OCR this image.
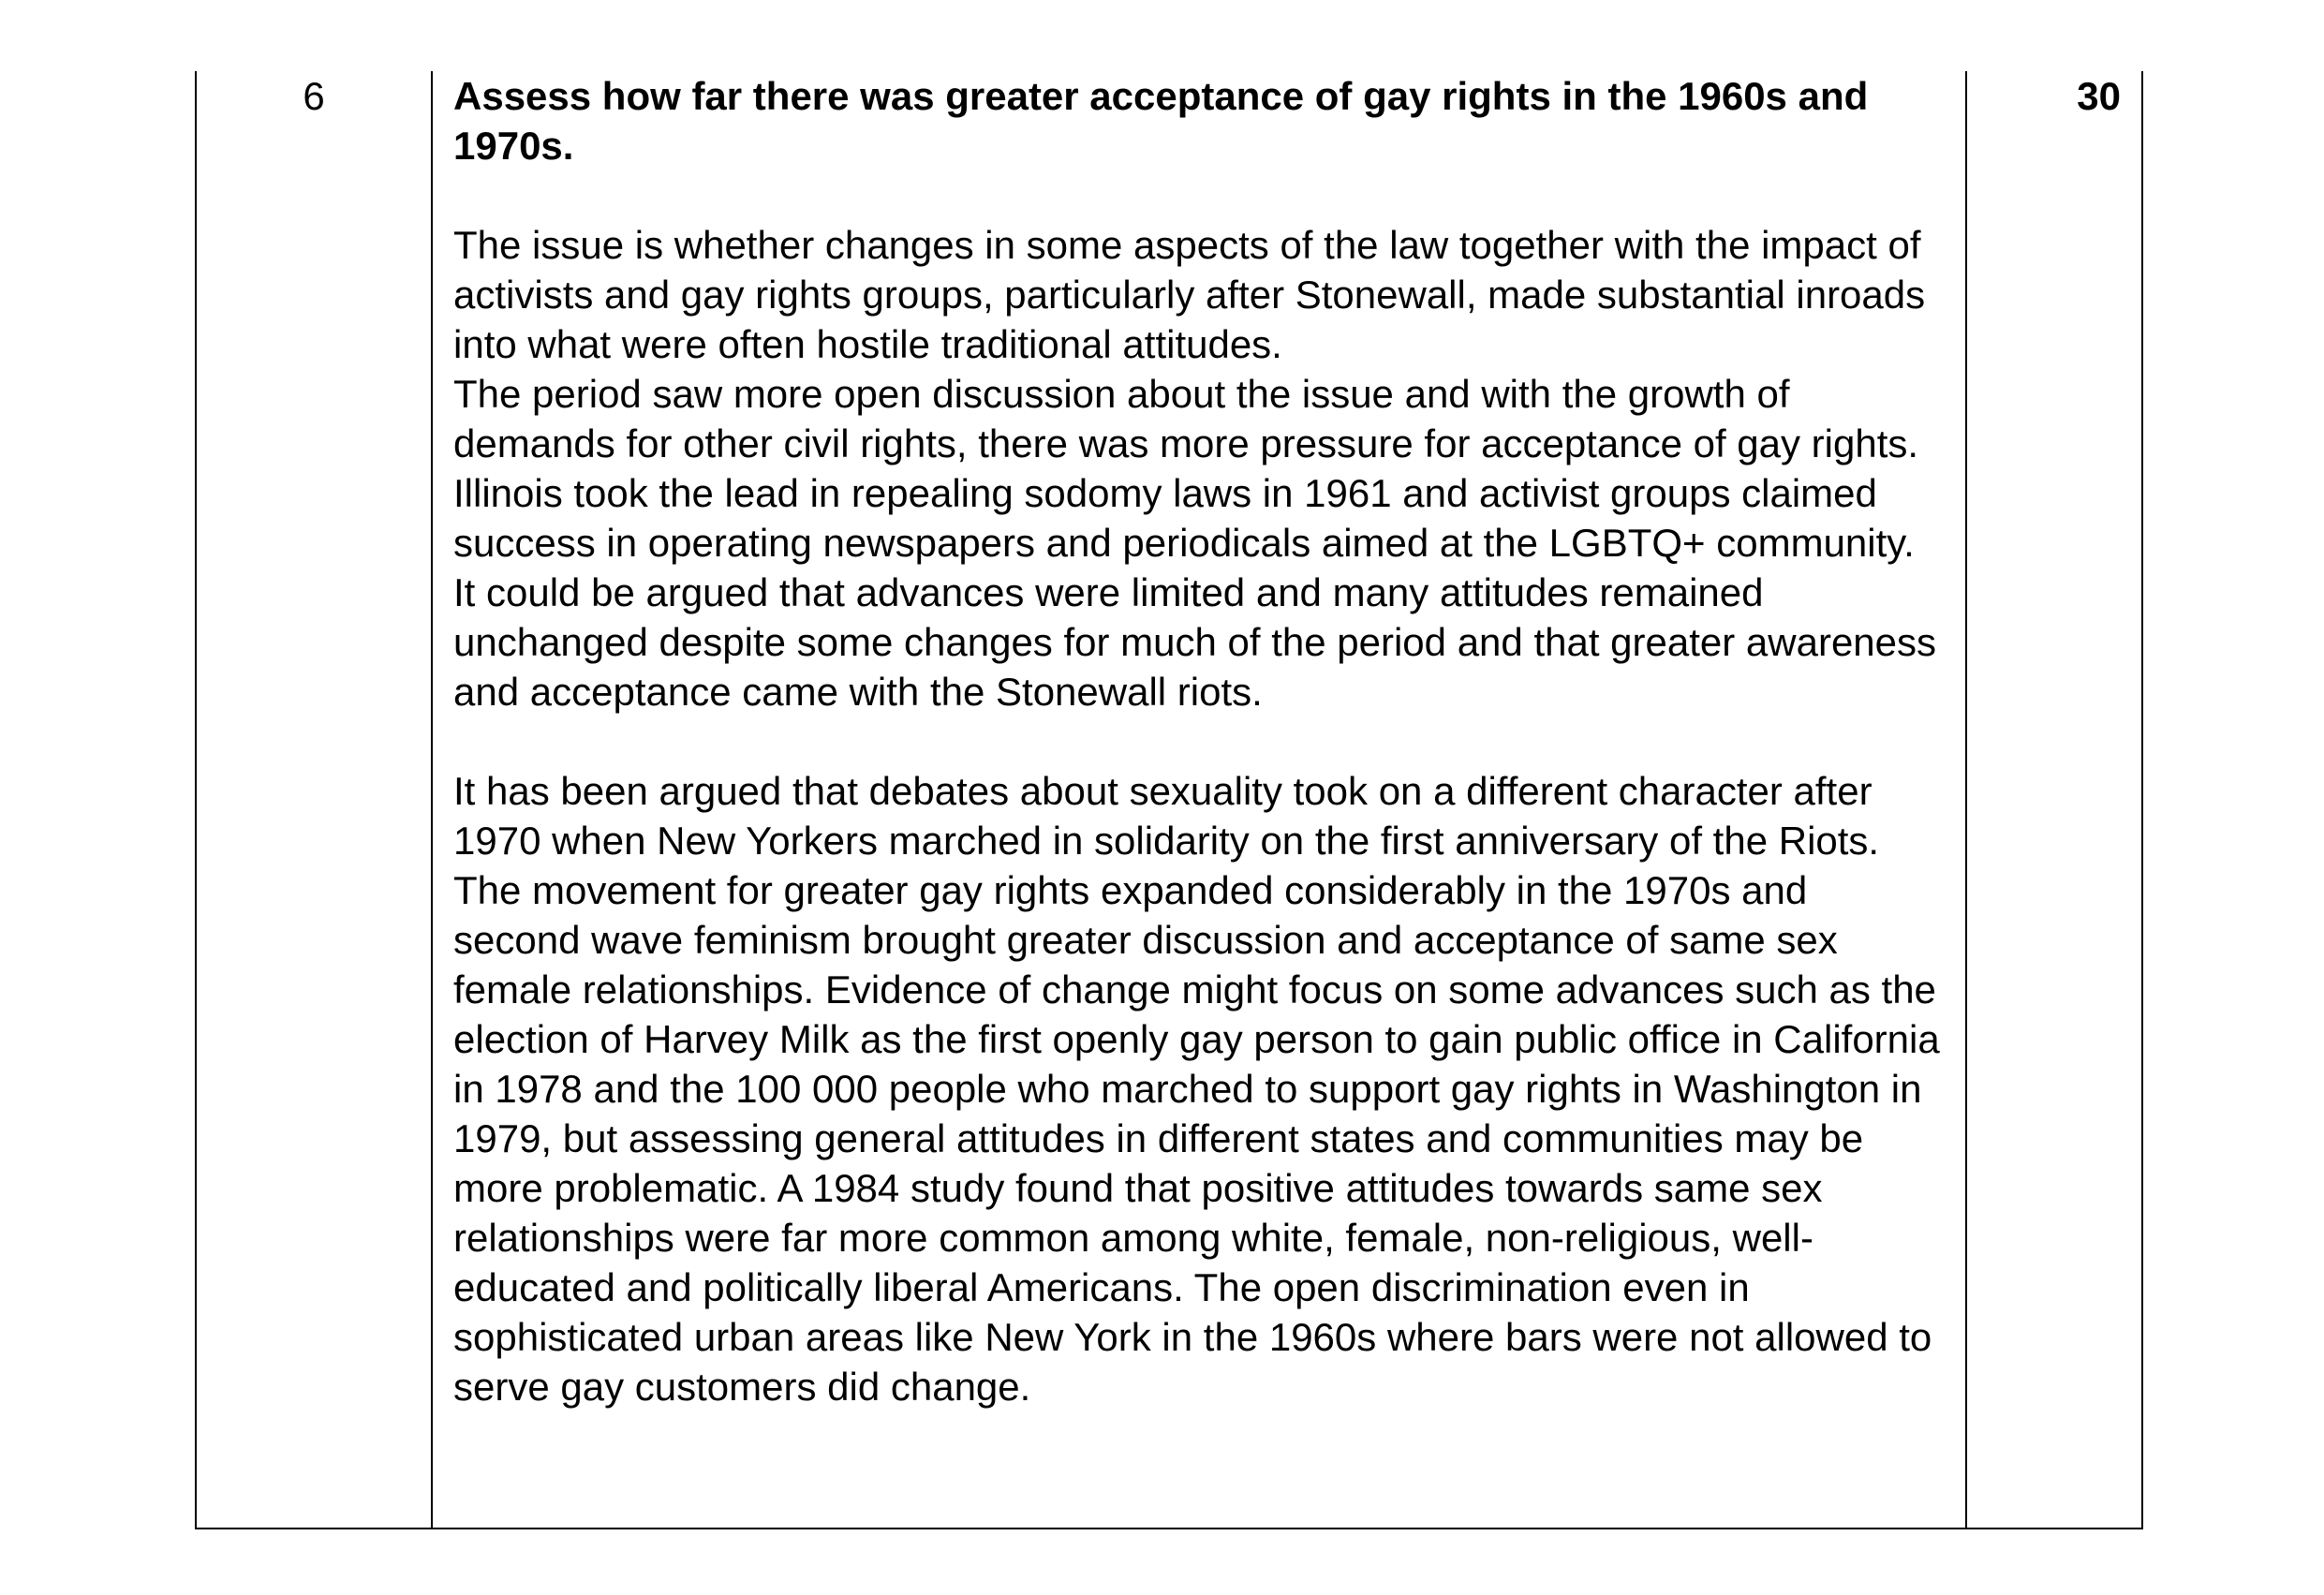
6	Assess how far there was greater acceptance of gay rights in the 1960s and 1970s.

The issue is whether changes in some aspects of the law together with the impact of activists and gay rights groups, particularly after Stonewall, made substantial inroads into what were often hostile traditional attitudes.

The period saw more open discussion about the issue and with the growth of demands for other civil rights, there was more pressure for acceptance of gay rights. Illinois took the lead in repealing sodomy laws in 1961 and activist groups claimed success in operating newspapers and periodicals aimed at the LGBTQ+ community. It could be argued that advances were limited and many attitudes remained unchanged despite some changes for much of the period and that greater awareness and acceptance came with the Stonewall riots.

It has been argued that debates about sexuality took on a different character after 1970 when New Yorkers marched in solidarity on the first anniversary of the Riots. The movement for greater gay rights expanded considerably in the 1970s and second wave feminism brought greater discussion and acceptance of same sex female relationships. Evidence of change might focus on some advances such as the election of Harvey Milk as the first openly gay person to gain public office in California in 1978 and the 100 000 people who marched to support gay rights in Washington in 1979, but assessing general attitudes in different states and communities may be more problematic. A 1984 study found that positive attitudes towards same sex relationships were far more common among white, female, non-religious, well-educated and politically liberal Americans. The open discrimination even in sophisticated urban areas like New York in the 1960s where bars were not allowed to serve gay customers did change.

30
